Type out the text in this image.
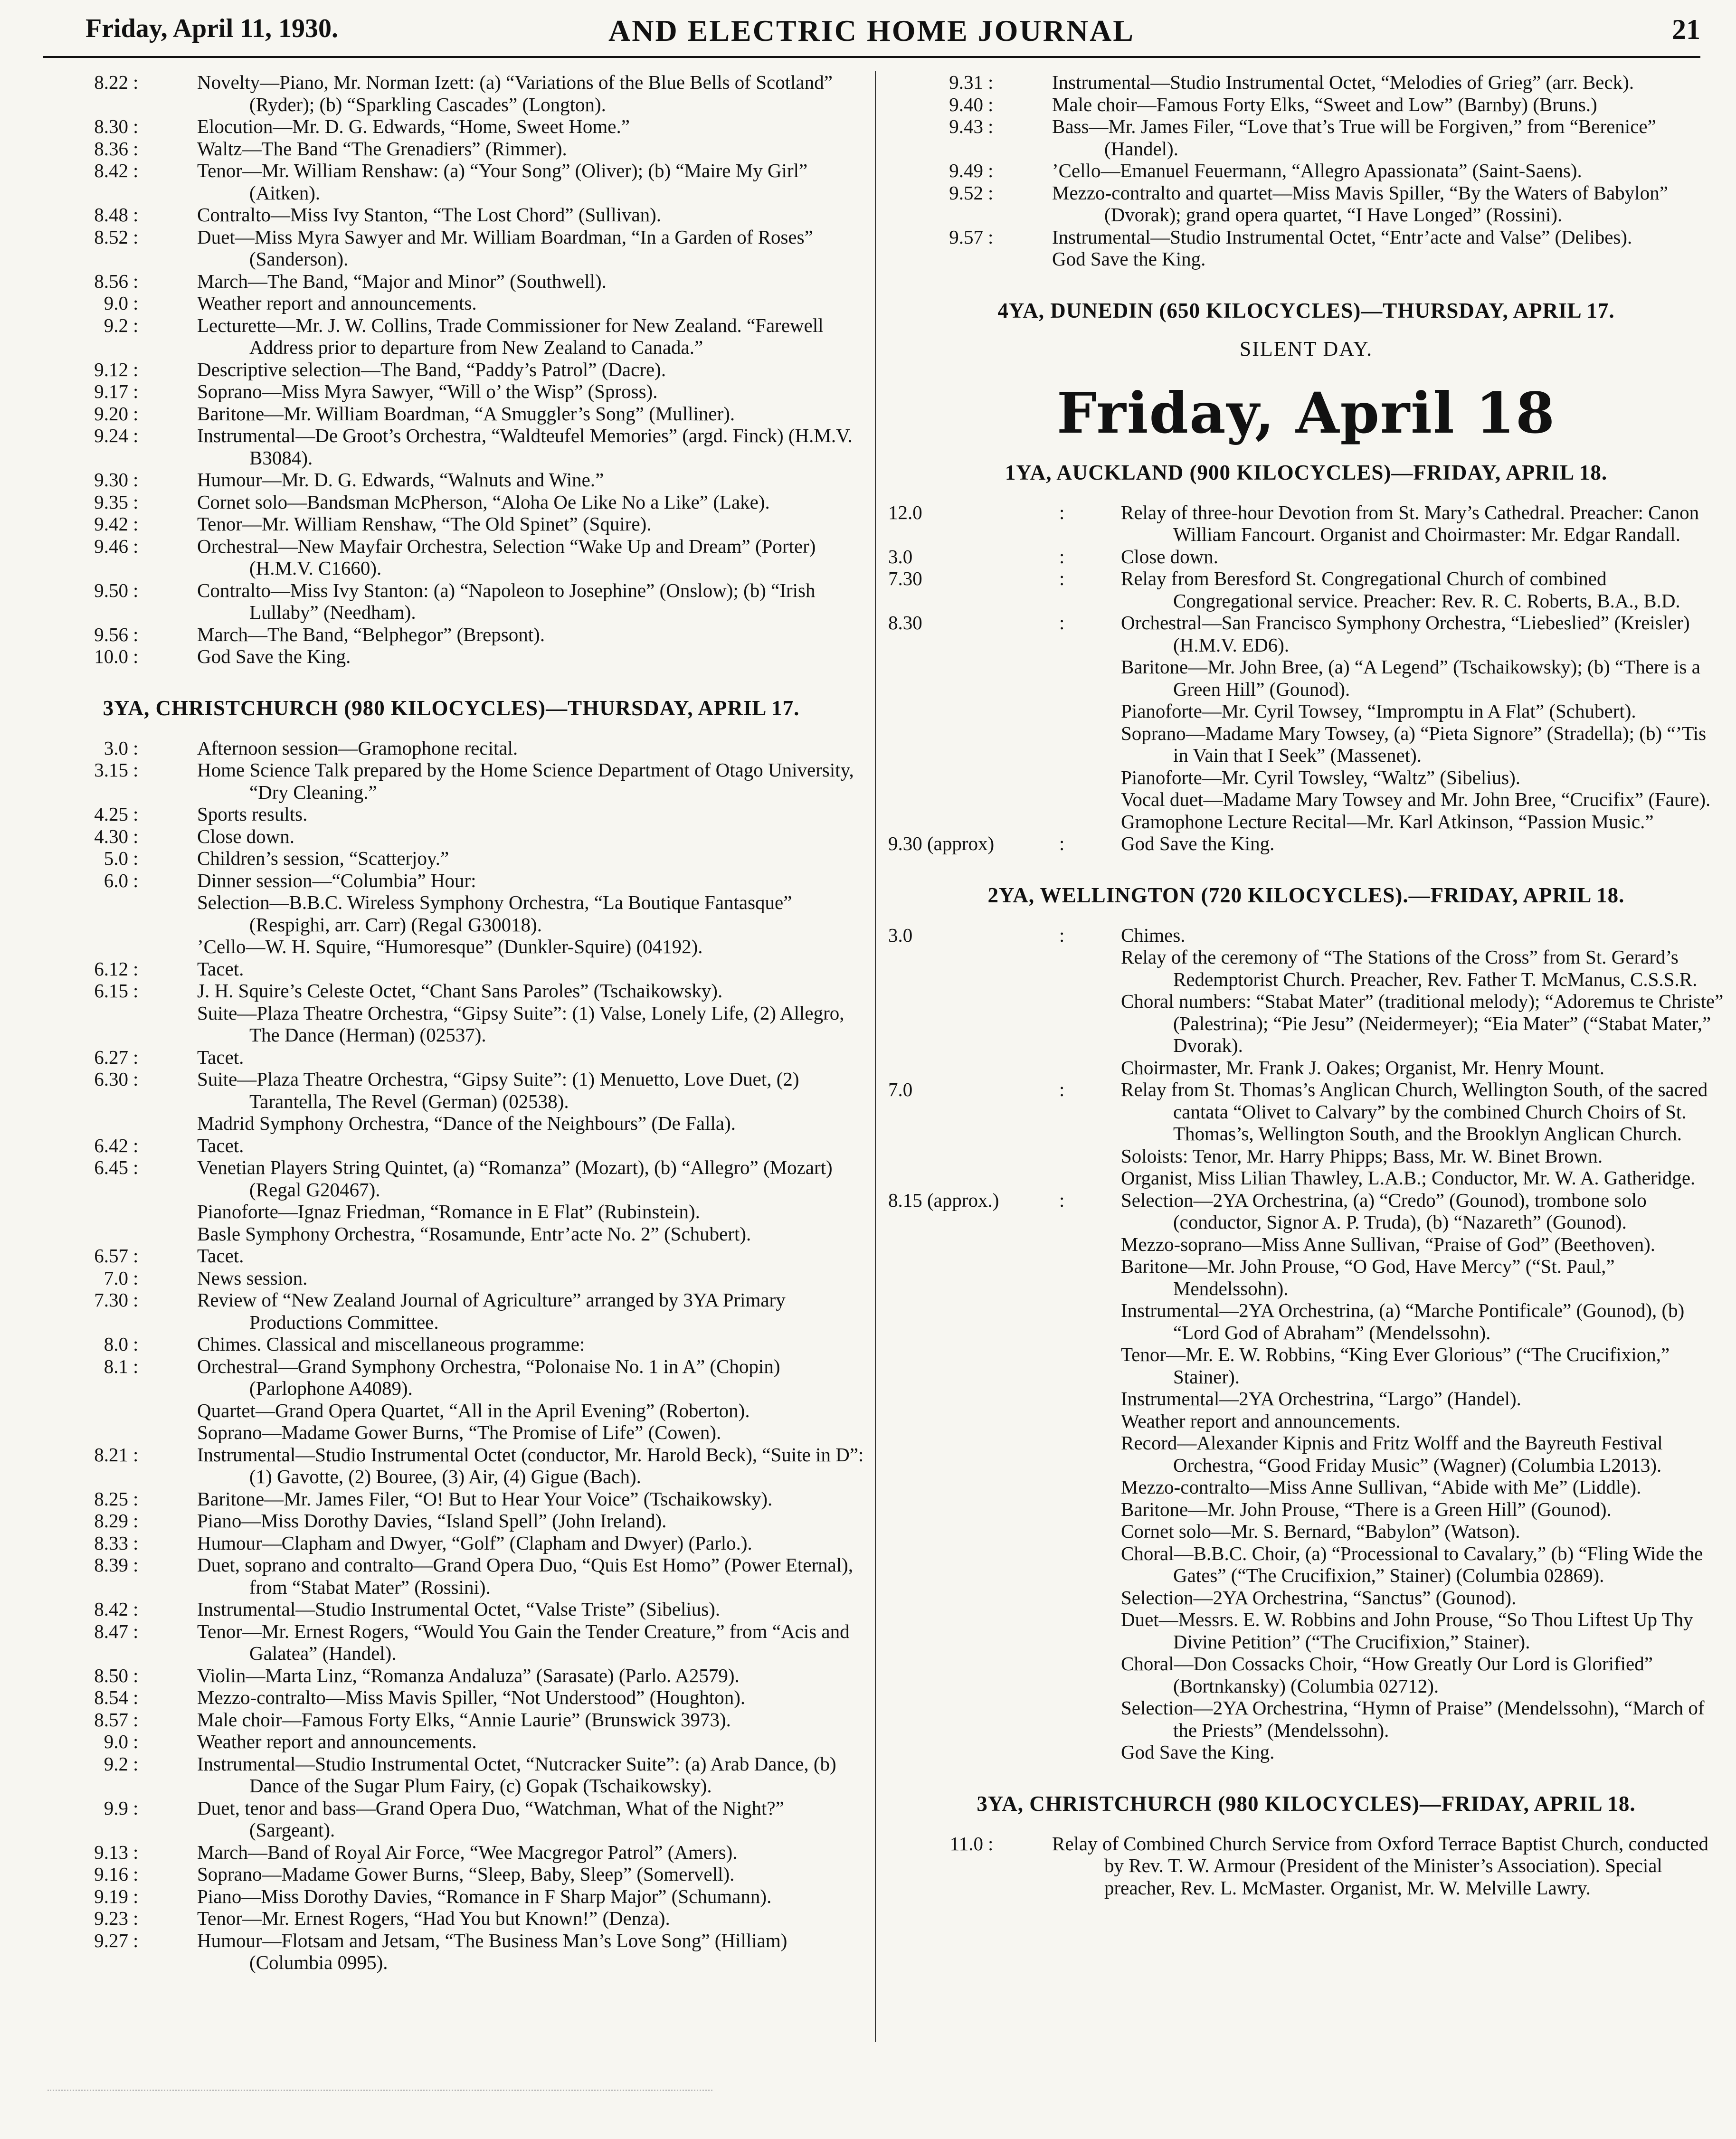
Friday, April 11, 1930.	AND ELECTRIC HOME JOURNAL	21
8.22 :	Novelty—Piano, Mr. Norman Izett: (a) “Variations of the Blue Bells of Scotland” (Ryder); (b) “Sparkling Cascades” (Longton).
8.30 :	Elocution—Mr. D. G. Edwards, “Home, Sweet Home.”
8.36 :	Waltz—The Band “The Grenadiers” (Rimmer).
8.42 :	Tenor—Mr. William Renshaw: (a) “Your Song” (Oliver); (b) “Maire My Girl” (Aitken).
8.48 :	Contralto—Miss Ivy Stanton, “The Lost Chord” (Sullivan).
8.52 :	Duet—Miss Myra Sawyer and Mr. William Boardman, “In a Garden of Roses” (Sanderson).
8.56 :	March—The Band, “Major and Minor” (Southwell).
9.0 :	Weather report and announcements.
9.2 :	Lecturette—Mr. J. W. Collins, Trade Commissioner for New Zealand. “Farewell Address prior to departure from New Zealand to Canada.”
9.12 :	Descriptive selection—The Band, “Paddy’s Patrol” (Dacre).
9.17 :	Soprano—Miss Myra Sawyer, “Will o’ the Wisp” (Spross).
9.20 :	Baritone—Mr. William Boardman, “A Smuggler’s Song” (Mulliner).
9.24 :	Instrumental—De Groot’s Orchestra, “Waldteufel Memories” (argd. Finck) (H.M.V. B3084).
9.30 :	Humour—Mr. D. G. Edwards, “Walnuts and Wine.”
9.35 :	Cornet solo—Bandsman McPherson, “Aloha Oe Like No a Like” (Lake).
9.42 :	Tenor—Mr. William Renshaw, “The Old Spinet” (Squire).
9.46 :	Orchestral—New Mayfair Orchestra, Selection “Wake Up and Dream” (Porter) (H.M.V. C1660).
9.50 :	Contralto—Miss Ivy Stanton: (a) “Napoleon to Josephine” (Onslow); (b) “Irish Lullaby” (Needham).
9.56 :	March—The Band, “Belphegor” (Brepsont).
10.0 :	God Save the King.
3YA, CHRISTCHURCH (980 KILOCYCLES)—THURSDAY, APRIL 17.
3.0 :	Afternoon session—Gramophone recital.
3.15 :	Home Science Talk prepared by the Home Science Department of Otago University, “Dry Cleaning.”
4.25 :	Sports results.
4.30 :	Close down.
5.0 :	Children’s session, “Scatterjoy.”
6.0 :	Dinner session—“Columbia” Hour:
Selection—B.B.C. Wireless Symphony Orchestra, “La Boutique Fantasque” (Respighi, arr. Carr) (Regal G30018).
’Cello—W. H. Squire, “Humoresque” (Dunkler-Squire) (04192).
6.12 :	Tacet.
6.15 :	J. H. Squire’s Celeste Octet, “Chant Sans Paroles” (Tschaikowsky).
Suite—Plaza Theatre Orchestra, “Gipsy Suite”: (1) Valse, Lonely Life, (2) Allegro, The Dance (Herman) (02537).
6.27 :	Tacet.
6.30 :	Suite—Plaza Theatre Orchestra, “Gipsy Suite”: (1) Menuetto, Love Duet, (2) Tarantella, The Revel (German) (02538).
Madrid Symphony Orchestra, “Dance of the Neighbours” (De Falla).
6.42 :	Tacet.
6.45 :	Venetian Players String Quintet, (a) “Romanza” (Mozart), (b) “Allegro” (Mozart) (Regal G20467).
Pianoforte—Ignaz Friedman, “Romance in E Flat” (Rubinstein).
Basle Symphony Orchestra, “Rosamunde, Entr’acte No. 2” (Schubert).
6.57 :	Tacet.
7.0 :	News session.
7.30 :	Review of “New Zealand Journal of Agriculture” arranged by 3YA Primary Productions Committee.
8.0 :	Chimes. Classical and miscellaneous programme:
8.1 :	Orchestral—Grand Symphony Orchestra, “Polonaise No. 1 in A” (Chopin) (Parlophone A4089).
Quartet—Grand Opera Quartet, “All in the April Evening” (Roberton).
Soprano—Madame Gower Burns, “The Promise of Life” (Cowen).
8.21 :	Instrumental—Studio Instrumental Octet (conductor, Mr. Harold Beck), “Suite in D”: (1) Gavotte, (2) Bouree, (3) Air, (4) Gigue (Bach).
8.25 :	Baritone—Mr. James Filer, “O! But to Hear Your Voice” (Tschaikowsky).
8.29 :	Piano—Miss Dorothy Davies, “Island Spell” (John Ireland).
8.33 :	Humour—Clapham and Dwyer, “Golf” (Clapham and Dwyer) (Parlo.).
8.39 :	Duet, soprano and contralto—Grand Opera Duo, “Quis Est Homo” (Power Eternal), from “Stabat Mater” (Rossini).
8.42 :	Instrumental—Studio Instrumental Octet, “Valse Triste” (Sibelius).
8.47 :	Tenor—Mr. Ernest Rogers, “Would You Gain the Tender Creature,” from “Acis and Galatea” (Handel).
8.50 :	Violin—Marta Linz, “Romanza Andaluza” (Sarasate) (Parlo. A2579).
8.54 :	Mezzo-contralto—Miss Mavis Spiller, “Not Understood” (Houghton).
8.57 :	Male choir—Famous Forty Elks, “Annie Laurie” (Brunswick 3973).
9.0 :	Weather report and announcements.
9.2 :	Instrumental—Studio Instrumental Octet, “Nutcracker Suite”: (a) Arab Dance, (b) Dance of the Sugar Plum Fairy, (c) Gopak (Tschaikowsky).
9.9 :	Duet, tenor and bass—Grand Opera Duo, “Watchman, What of the Night?” (Sargeant).
9.13 :	March—Band of Royal Air Force, “Wee Macgregor Patrol” (Amers).
9.16 :	Soprano—Madame Gower Burns, “Sleep, Baby, Sleep” (Somervell).
9.19 :	Piano—Miss Dorothy Davies, “Romance in F Sharp Major” (Schumann).
9.23 :	Tenor—Mr. Ernest Rogers, “Had You but Known!” (Denza).
9.27 :	Humour—Flotsam and Jetsam, “The Business Man’s Love Song” (Hilliam) (Columbia 0995).
9.31 :	Instrumental—Studio Instrumental Octet, “Melodies of Grieg” (arr. Beck).
9.40 :	Male choir—Famous Forty Elks, “Sweet and Low” (Barnby) (Bruns.)
9.43 :	Bass—Mr. James Filer, “Love that’s True will be Forgiven,” from “Berenice” (Handel).
9.49 :	’Cello—Emanuel Feuermann, “Allegro Apassionata” (Saint-Saens).
9.52 :	Mezzo-contralto and quartet—Miss Mavis Spiller, “By the Waters of Babylon” (Dvorak); grand opera quartet, “I Have Longed” (Rossini).
9.57 :	Instrumental—Studio Instrumental Octet, “Entr’acte and Valse” (Delibes).
God Save the King.
4YA, DUNEDIN (650 KILOCYCLES)—THURSDAY, APRIL 17.
SILENT DAY.
Friday, April 18
1YA, AUCKLAND (900 KILOCYCLES)—FRIDAY, APRIL 18.
12.0	:	Relay of three-hour Devotion from St. Mary’s Cathedral. Preacher: Canon William Fancourt. Organist and Choirmaster: Mr. Edgar Randall.
3.0	:	Close down.
7.30	:	Relay from Beresford St. Congregational Church of combined Congregational service. Preacher: Rev. R. C. Roberts, B.A., B.D.
8.30	:	Orchestral—San Francisco Symphony Orchestra, “Liebeslied” (Kreisler) (H.M.V. ED6).
Baritone—Mr. John Bree, (a) “A Legend” (Tschaikowsky); (b) “There is a Green Hill” (Gounod).
Pianoforte—Mr. Cyril Towsey, “Impromptu in A Flat” (Schubert).
Soprano—Madame Mary Towsey, (a) “Pieta Signore” (Stradella); (b) “’Tis in Vain that I Seek” (Massenet).
Pianoforte—Mr. Cyril Towsley, “Waltz” (Sibelius).
Vocal duet—Madame Mary Towsey and Mr. John Bree, “Crucifix” (Faure).
Gramophone Lecture Recital—Mr. Karl Atkinson, “Passion Music.”
9.30 (approx)	:	God Save the King.
2YA, WELLINGTON (720 KILOCYCLES).—FRIDAY, APRIL 18.
3.0	:	Chimes.
Relay of the ceremony of “The Stations of the Cross” from St. Gerard’s Redemptorist Church. Preacher, Rev. Father T. McManus, C.S.S.R.
Choral numbers: “Stabat Mater” (traditional melody); “Adoremus te Christe” (Palestrina); “Pie Jesu” (Neidermeyer); “Eia Mater” (“Stabat Mater,” Dvorak).
Choirmaster, Mr. Frank J. Oakes; Organist, Mr. Henry Mount.
7.0	:	Relay from St. Thomas’s Anglican Church, Wellington South, of the sacred cantata “Olivet to Calvary” by the combined Church Choirs of St. Thomas’s, Wellington South, and the Brooklyn Anglican Church.
Soloists: Tenor, Mr. Harry Phipps; Bass, Mr. W. Binet Brown.
Organist, Miss Lilian Thawley, L.A.B.; Conductor, Mr. W. A. Gatheridge.
8.15 (approx.)	:	Selection—2YA Orchestrina, (a) “Credo” (Gounod), trombone solo (conductor, Signor A. P. Truda), (b) “Nazareth” (Gounod).
Mezzo-soprano—Miss Anne Sullivan, “Praise of God” (Beethoven).
Baritone—Mr. John Prouse, “O God, Have Mercy” (“St. Paul,” Mendelssohn).
Instrumental—2YA Orchestrina, (a) “Marche Pontificale” (Gounod), (b) “Lord God of Abraham” (Mendelssohn).
Tenor—Mr. E. W. Robbins, “King Ever Glorious” (“The Crucifixion,” Stainer).
Instrumental—2YA Orchestrina, “Largo” (Handel).
Weather report and announcements.
Record—Alexander Kipnis and Fritz Wolff and the Bayreuth Festival Orchestra, “Good Friday Music” (Wagner) (Columbia L2013).
Mezzo-contralto—Miss Anne Sullivan, “Abide with Me” (Liddle).
Baritone—Mr. John Prouse, “There is a Green Hill” (Gounod).
Cornet solo—Mr. S. Bernard, “Babylon” (Watson).
Choral—B.B.C. Choir, (a) “Processional to Cavalary,” (b) “Fling Wide the Gates” (“The Crucifixion,” Stainer) (Columbia 02869).
Selection—2YA Orchestrina, “Sanctus” (Gounod).
Duet—Messrs. E. W. Robbins and John Prouse, “So Thou Liftest Up Thy Divine Petition” (“The Crucifixion,” Stainer).
Choral—Don Cossacks Choir, “How Greatly Our Lord is Glorified” (Bortnkansky) (Columbia 02712).
Selection—2YA Orchestrina, “Hymn of Praise” (Mendelssohn), “March of the Priests” (Mendelssohn).
God Save the King.
3YA, CHRISTCHURCH (980 KILOCYCLES)—FRIDAY, APRIL 18.
11.0 :	Relay of Combined Church Service from Oxford Terrace Baptist Church, conducted by Rev. T. W. Armour (President of the Minister’s Association). Special preacher, Rev. L. McMaster. Organist, Mr. W. Melville Lawry.
